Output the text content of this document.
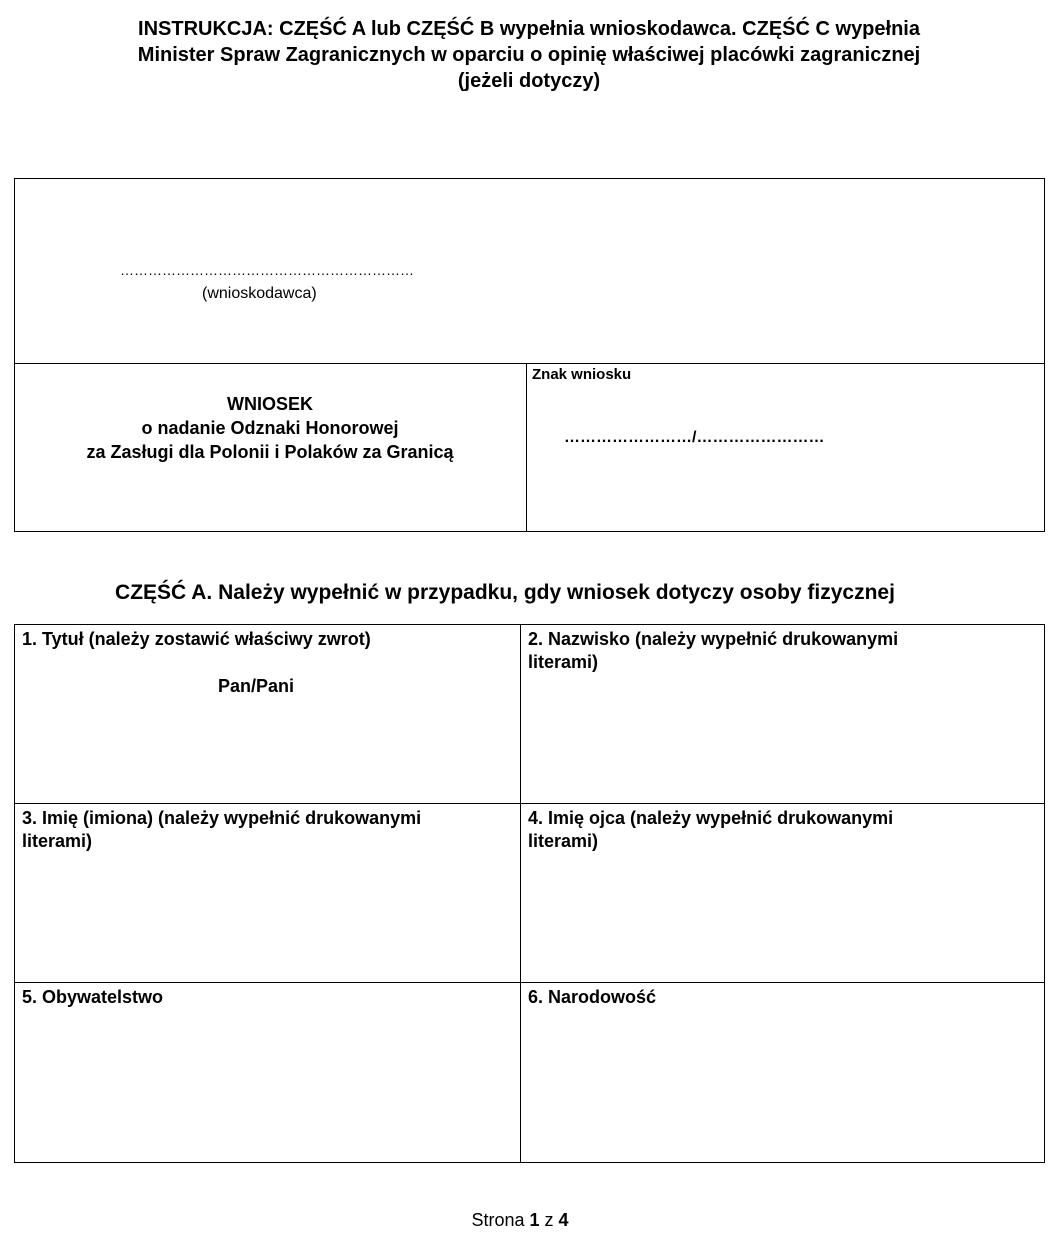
INSTRUKCJA: CZĘŚĆ A lub CZĘŚĆ B wypełnia wnioskodawca. CZĘŚĆ C wypełnia
Minister Spraw Zagranicznych w oparciu o opinię właściwej placówki zagranicznej
(jeżeli dotyczy)
………………………………………………………
(wnioskodawca)
WNIOSEK
o nadanie Odznaki Honorowej
za Zasługi dla Polonii i Polaków za Granicą
Znak wniosku
……………………/……………………
CZĘŚĆ A. Należy wypełnić w przypadku, gdy wniosek dotyczy osoby fizycznej
1. Tytuł (należy zostawić właściwy zwrot)
Pan/Pani
2. Nazwisko (należy wypełnić drukowanymi
literami)
3. Imię (imiona) (należy wypełnić drukowanymi
literami)
4. Imię ojca (należy wypełnić drukowanymi
literami)
5. Obywatelstwo	6. Narodowość
Strona 1 z 4
